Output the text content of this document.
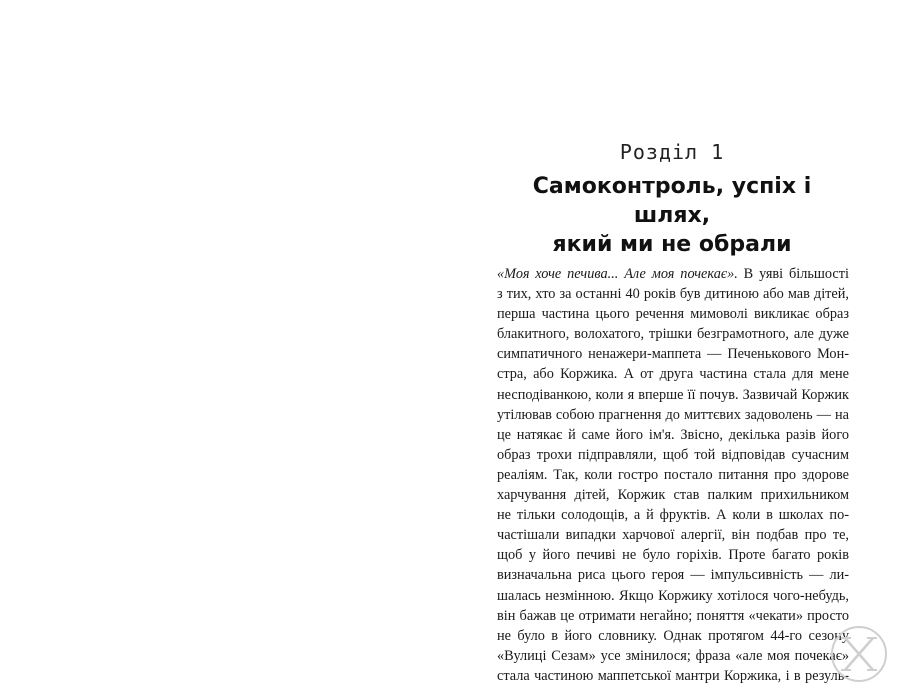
Розділ 1
Самоконтроль, успіх і шлях,
який ми не обрали
«Моя хоче печива... Але моя почекає». В уяві більшості
з тих, хто за останні 40 років був дитиною або мав дітей,
перша частина цього речення мимоволі викликає образ
блакитного, волохатого, трішки безграмотного, але дуже
симпатичного ненажери-маппета — Печенькового Мон-
стра, або Коржика. А от друга частина стала для мене
несподіванкою, коли я вперше її почув. Зазвичай Коржик
утілював собою прагнення до миттєвих задоволень — на
це натякає й саме його ім'я. Звісно, декілька разів його
образ трохи підправляли, щоб той відповідав сучасним
реаліям. Так, коли гостро постало питання про здорове
харчування дітей, Коржик став палким прихильником
не тільки солодощів, а й фруктів. А коли в школах по-
частішали випадки харчової алергії, він подбав про те,
щоб у його печиві не було горіхів. Проте багато років
визначальна риса цього героя — імпульсивність — ли-
шалась незмінною. Якщо Коржику хотілося чого-небудь,
він бажав це отримати негайно; поняття «чекати» просто
не було в його словнику. Однак протягом 44-го сезону
«Вулиці Сезам» усе змінилося; фраза «але моя почекає»
стала частиною маппетської мантри Коржика, і в резуль-
